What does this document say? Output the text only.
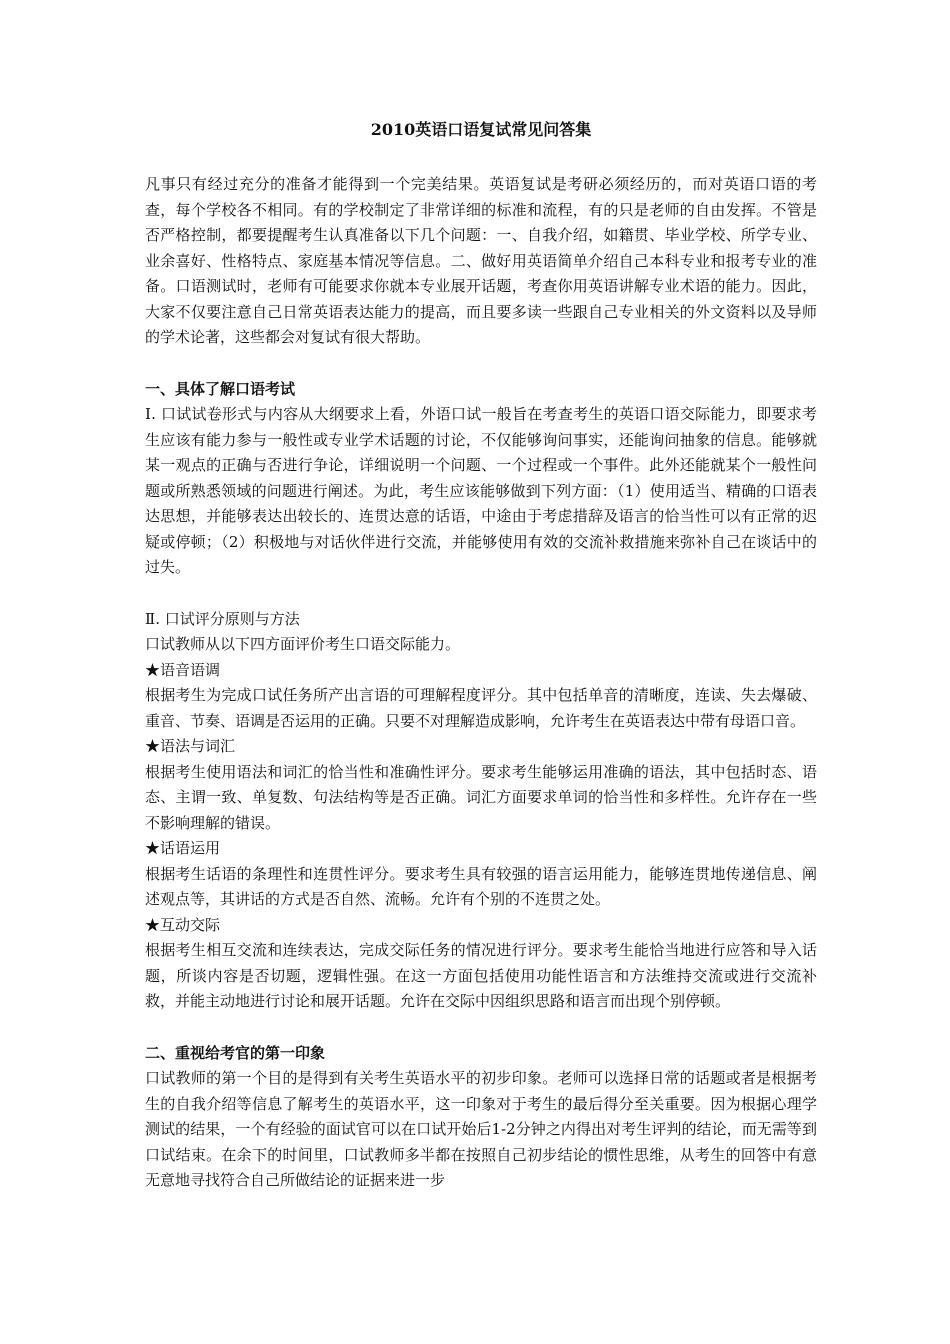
2010英语口语复试常见问答集

凡事只有经过充分的准备才能得到一个完美结果。英语复试是考研必须经历的，而对英语口语的考查，每个学校各不相同。有的学校制定了非常详细的标准和流程，有的只是老师的自由发挥。不管是否严格控制，都要提醒考生认真准备以下几个问题：一、自我介绍，如籍贯、毕业学校、所学专业、业余喜好、性格特点、家庭基本情况等信息。二、做好用英语简单介绍自己本科专业和报考专业的准备。口语测试时，老师有可能要求你就本专业展开话题，考查你用英语讲解专业术语的能力。因此，大家不仅要注意自己日常英语表达能力的提高，而且要多读一些跟自己专业相关的外文资料以及导师的学术论著，这些都会对复试有很大帮助。

一、具体了解口语考试

Ⅰ. 口试试卷形式与内容从大纲要求上看，外语口试一般旨在考查考生的英语口语交际能力，即要求考生应该有能力参与一般性或专业学术话题的讨论，不仅能够询问事实，还能询问抽象的信息。能够就某一观点的正确与否进行争论，详细说明一个问题、一个过程或一个事件。此外还能就某个一般性问题或所熟悉领域的问题进行阐述。为此，考生应该能够做到下列方面：（1）使用适当、精确的口语表达思想，并能够表达出较长的、连贯达意的话语，中途由于考虑措辞及语言的恰当性可以有正常的迟疑或停顿；（2）积极地与对话伙伴进行交流，并能够使用有效的交流补救措施来弥补自己在谈话中的过失。

Ⅱ. 口试评分原则与方法

口试教师从以下四方面评价考生口语交际能力。

★语音语调

根据考生为完成口试任务所产出言语的可理解程度评分。其中包括单音的清晰度，连读、失去爆破、重音、节奏、语调是否运用的正确。只要不对理解造成影响，允许考生在英语表达中带有母语口音。

★语法与词汇

根据考生使用语法和词汇的恰当性和准确性评分。要求考生能够运用准确的语法，其中包括时态、语态、主谓一致、单复数、句法结构等是否正确。词汇方面要求单词的恰当性和多样性。允许存在一些不影响理解的错误。

★话语运用

根据考生话语的条理性和连贯性评分。要求考生具有较强的语言运用能力，能够连贯地传递信息、阐述观点等，其讲话的方式是否自然、流畅。允许有个别的不连贯之处。

★互动交际

根据考生相互交流和连续表达，完成交际任务的情况进行评分。要求考生能恰当地进行应答和导入话题，所谈内容是否切题，逻辑性强。在这一方面包括使用功能性语言和方法维持交流或进行交流补救，并能主动地进行讨论和展开话题。允许在交际中因组织思路和语言而出现个别停顿。

二、重视给考官的第一印象

口试教师的第一个目的是得到有关考生英语水平的初步印象。老师可以选择日常的话题或者是根据考生的自我介绍等信息了解考生的英语水平，这一印象对于考生的最后得分至关重要。因为根据心理学测试的结果，一个有经验的面试官可以在口试开始后1-2分钟之内得出对考生评判的结论，而无需等到口试结束。在余下的时间里，口试教师多半都在按照自己初步结论的惯性思维，从考生的回答中有意无意地寻找符合自己所做结论的证据来进一步
